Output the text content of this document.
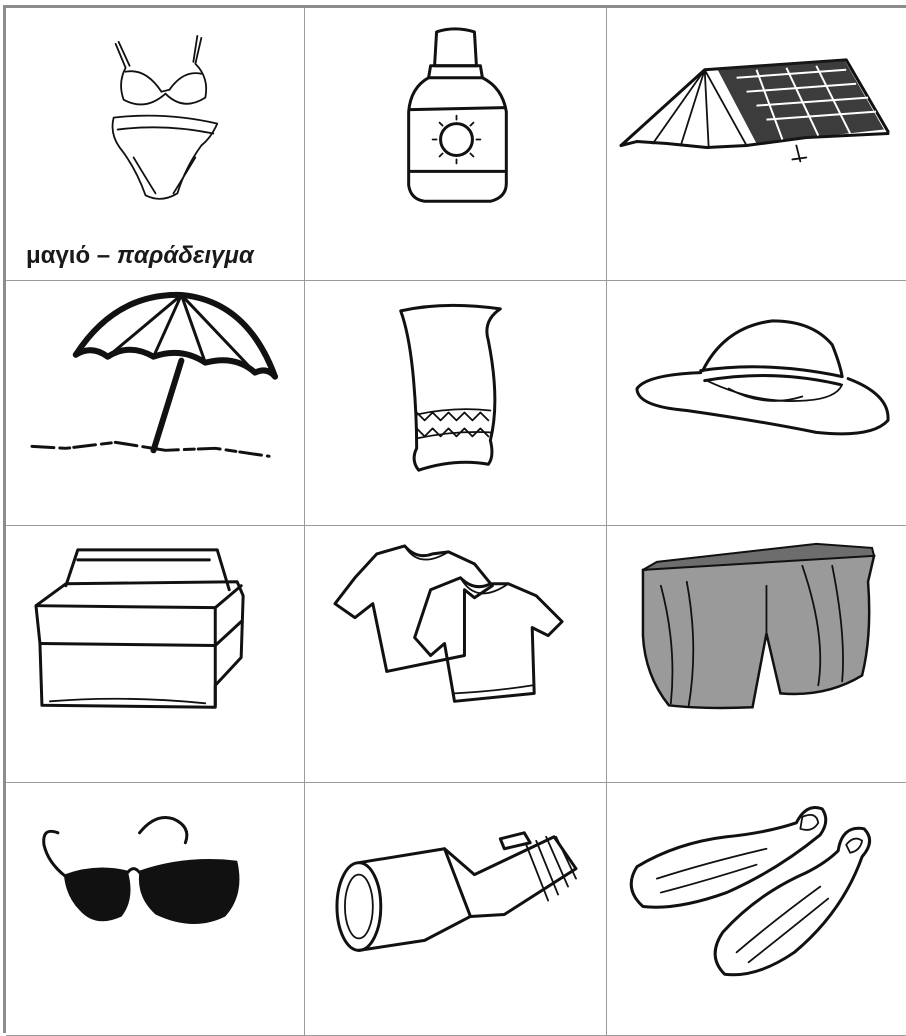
μαγιό – παράδειγμα
